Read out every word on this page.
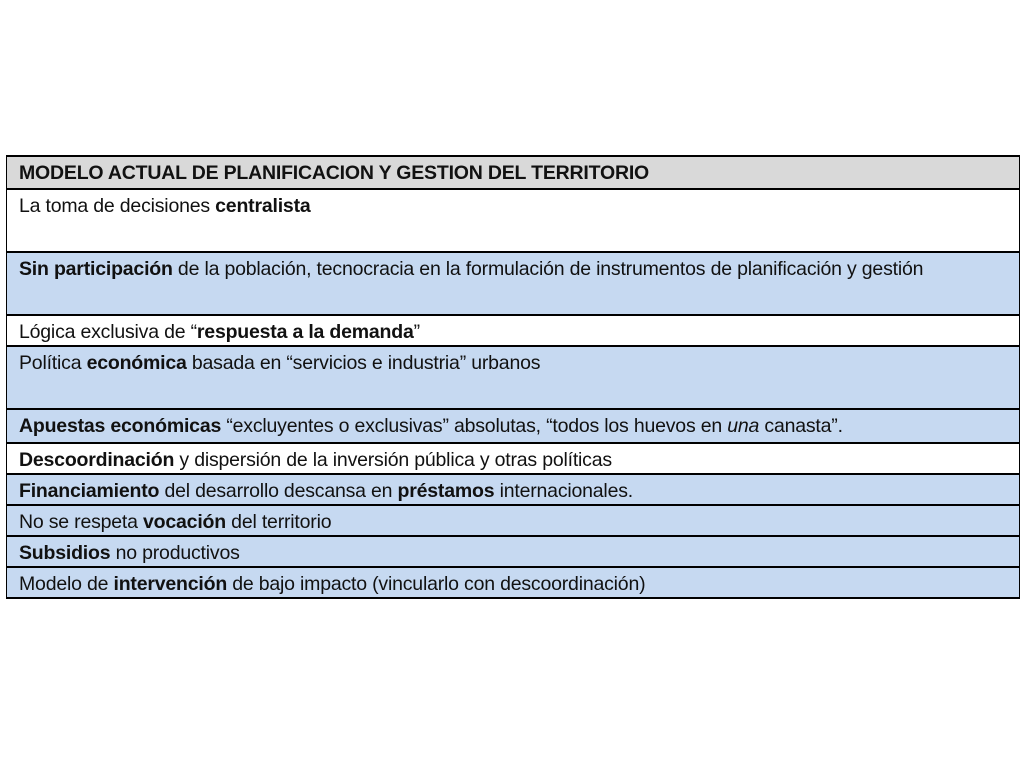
MODELO ACTUAL DE PLANIFICACION Y GESTION DEL TERRITORIO
La toma de decisiones centralista
Sin participación de la población, tecnocracia en la formulación de instrumentos de planificación y gestión
Lógica exclusiva de “respuesta a la demanda”
Política económica basada en “servicios e industria” urbanos
Apuestas económicas “excluyentes o exclusivas” absolutas, “todos los huevos en una canasta”.
Descoordinación y dispersión de la inversión pública y otras políticas
Financiamiento del desarrollo descansa en préstamos internacionales.
No se respeta vocación del territorio
Subsidios no productivos
Modelo de intervención de bajo impacto (vincularlo con descoordinación)
